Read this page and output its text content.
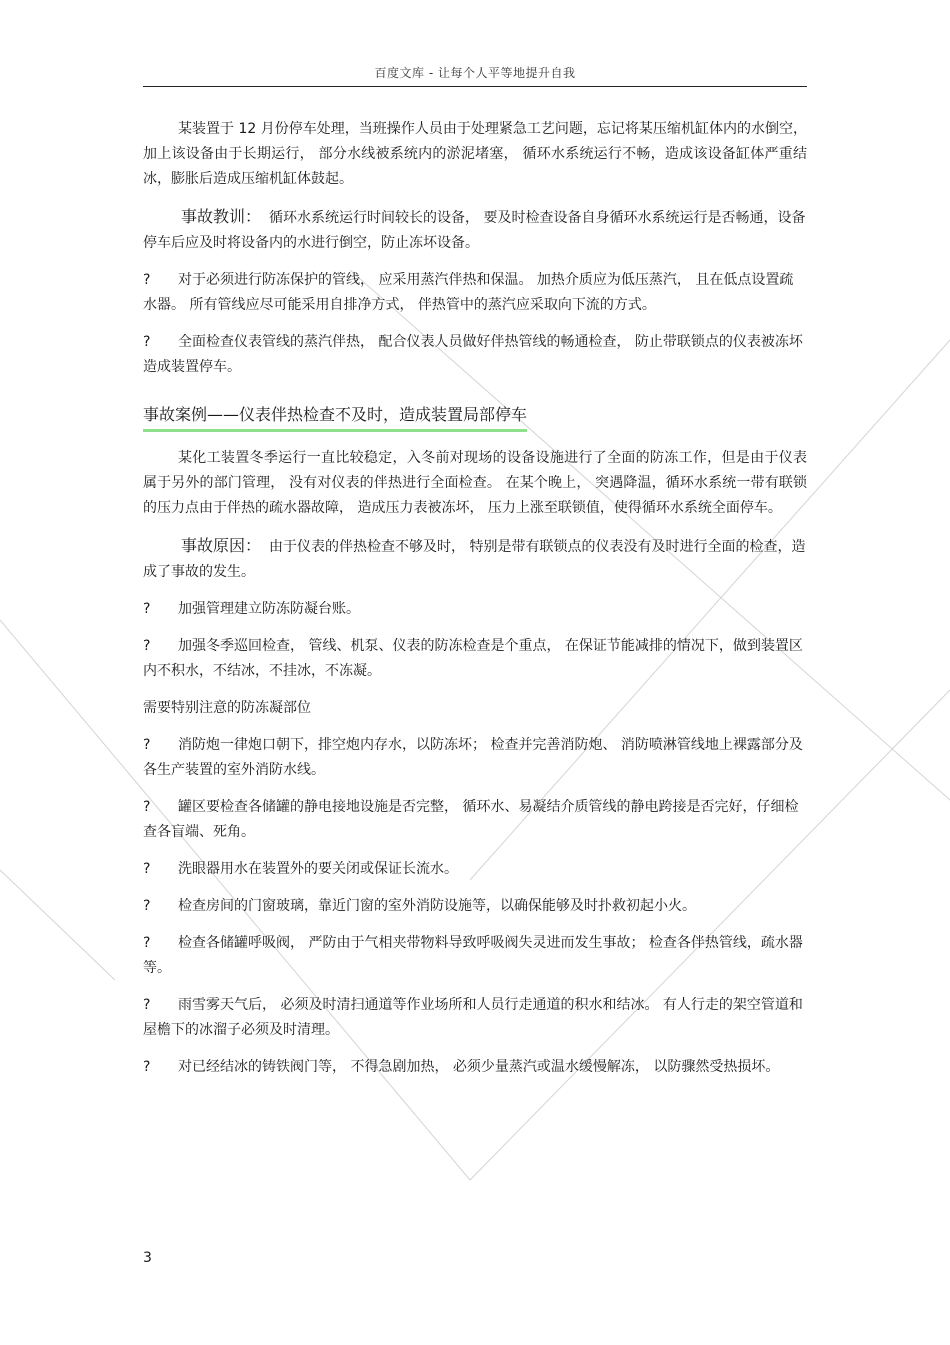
百度文库 - 让每个人平等地提升自我

某装置于 12 月份停车处理，当班操作人员由于处理紧急工艺问题，忘记将某压缩机缸体内的水倒空， 加上该设备由于长期运行， 部分水线被系统内的淤泥堵塞， 循环水系统运行不畅，造成该设备缸体严重结冰，膨胀后造成压缩机缸体鼓起。

事故教训： 循环水系统运行时间较长的设备， 要及时检查设备自身循环水系统运行是否畅通，设备停车后应及时将设备内的水进行倒空，防止冻坏设备。

? 对于必须进行防冻保护的管线， 应采用蒸汽伴热和保温。 加热介质应为低压蒸汽， 且在低点设置疏水器。 所有管线应尽可能采用自排净方式， 伴热管中的蒸汽应采取向下流的方式。
? 全面检查仪表管线的蒸汽伴热， 配合仪表人员做好伴热管线的畅通检查， 防止带联锁点的仪表被冻坏造成装置停车。
事故案例——仪表伴热检查不及时，造成装置局部停车

某化工装置冬季运行一直比较稳定，入冬前对现场的设备设施进行了全面的防冻工作，但是由于仪表属于另外的部门管理， 没有对仪表的伴热进行全面检查。 在某个晚上， 突遇降温，循环水系统一带有联锁的压力点由于伴热的疏水器故障， 造成压力表被冻坏， 压力上涨至联锁值，使得循环水系统全面停车。

事故原因： 由于仪表的伴热检查不够及时， 特别是带有联锁点的仪表没有及时进行全面的检查，造成了事故的发生。

? 加强管理建立防冻防凝台账。
? 加强冬季巡回检查， 管线、机泵、仪表的防冻检查是个重点， 在保证节能减排的情况下，做到装置区内不积水，不结冰，不挂冰，不冻凝。

需要特别注意的防冻凝部位

? 消防炮一律炮口朝下，排空炮内存水，以防冻坏； 检查并完善消防炮、 消防喷淋管线地上裸露部分及各生产装置的室外消防水线。
? 罐区要检查各储罐的静电接地设施是否完整， 循环水、易凝结介质管线的静电跨接是否完好，仔细检查各盲端、死角。
? 洗眼器用水在装置外的要关闭或保证长流水。
? 检查房间的门窗玻璃，靠近门窗的室外消防设施等，以确保能够及时扑救初起小火。
? 检查各储罐呼吸阀， 严防由于气相夹带物料导致呼吸阀失灵进而发生事故； 检查各伴热管线，疏水器等。
? 雨雪雾天气后， 必须及时清扫通道等作业场所和人员行走通道的积水和结冰。 有人行走的架空管道和屋檐下的冰溜子必须及时清理。
? 对已经结冰的铸铁阀门等， 不得急剧加热， 必须少量蒸汽或温水缓慢解冻， 以防骤然受热损坏。
3
